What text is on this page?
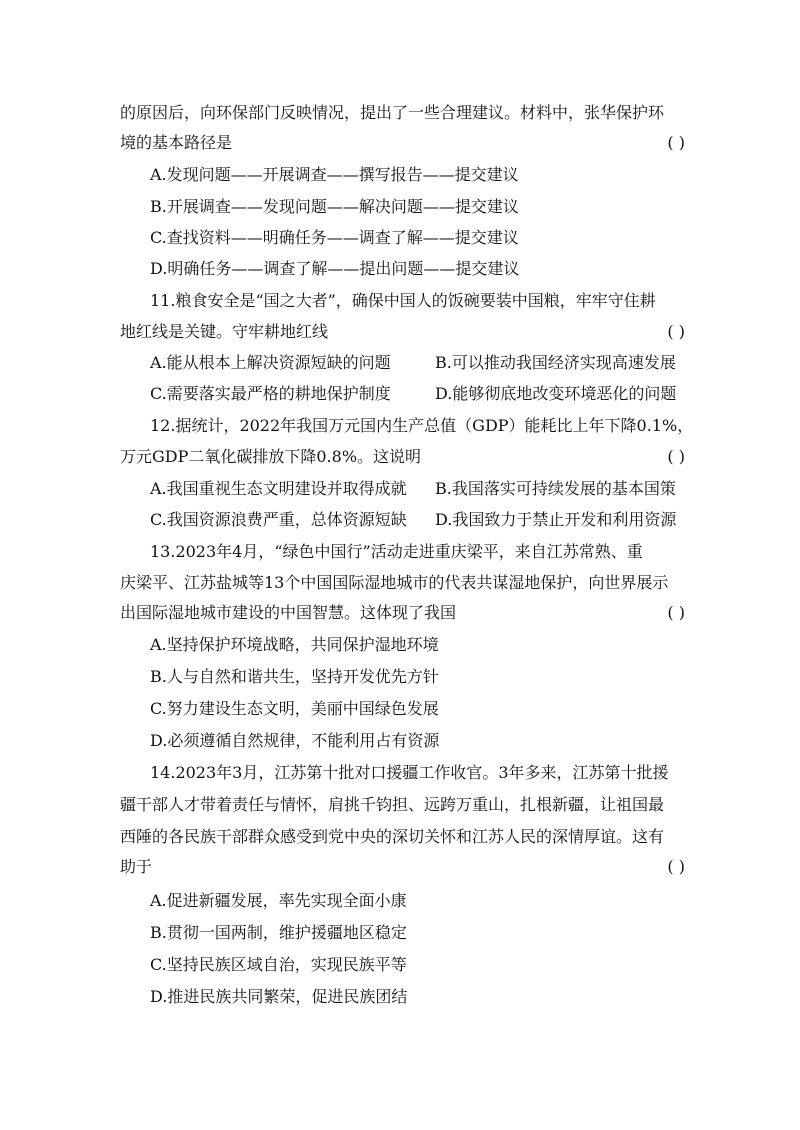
的原因后，向环保部门反映情况，提出了一些合理建议。材料中，张华保护环
境的基本路径是	( )
A.发现问题——开展调查——撰写报告——提交建议
B.开展调查——发现问题——解决问题——提交建议
C.查找资料——明确任务——调查了解——提交建议
D.明确任务——调查了解——提出问题——提交建议
11.粮食安全是“国之大者”，确保中国人的饭碗要装中国粮，牢牢守住耕
地红线是关键。守牢耕地红线	( )
A.能从根本上解决资源短缺的问题	B.可以推动我国经济实现高速发展
C.需要落实最严格的耕地保护制度	D.能够彻底地改变环境恶化的问题
12.据统计，2022年我国万元国内生产总值（GDP）能耗比上年下降0.1%，
万元GDP二氧化碳排放下降0.8%。这说明	( )
A.我国重视生态文明建设并取得成就 B.我国落实可持续发展的基本国策
C.我国资源浪费严重，总体资源短缺 D.我国致力于禁止开发和利用资源
13.2023年4月，“绿色中国行”活动走进重庆梁平，来自江苏常熟、重
庆梁平、江苏盐城等13个中国国际湿地城市的代表共谋湿地保护，向世界展示
出国际湿地城市建设的中国智慧。这体现了我国	( )
A.坚持保护环境战略，共同保护湿地环境
B.人与自然和谐共生，坚持开发优先方针
C.努力建设生态文明，美丽中国绿色发展
D.必须遵循自然规律，不能利用占有资源
14.2023年3月，江苏第十批对口援疆工作收官。3年多来，江苏第十批援
疆干部人才带着责任与情怀，肩挑千钧担、远跨万重山，扎根新疆，让祖国最
西陲的各民族干部群众感受到党中央的深切关怀和江苏人民的深情厚谊。这有
助于	( )
A.促进新疆发展，率先实现全面小康
B.贯彻一国两制，维护援疆地区稳定
C.坚持民族区域自治，实现民族平等
D.推进民族共同繁荣，促进民族团结
